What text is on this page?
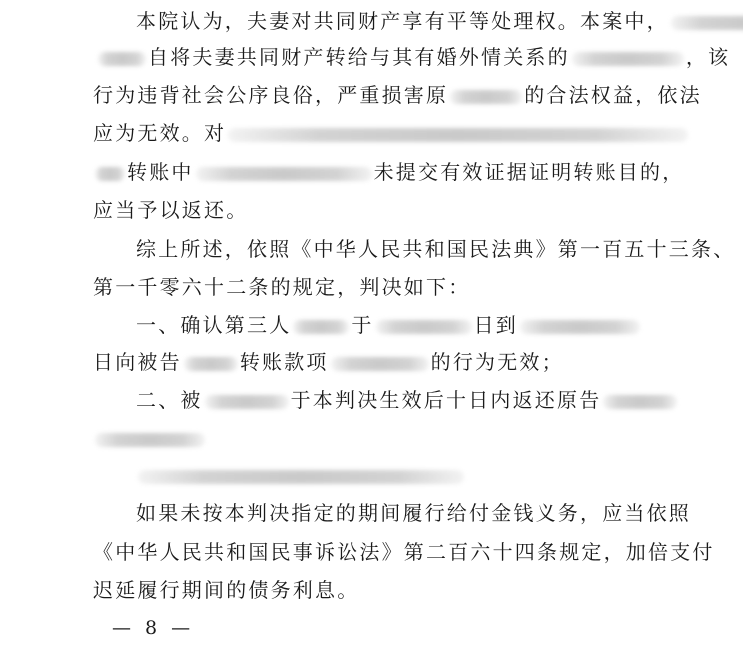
本院认为，夫妻对共同财产享有平等处理权。本案中，
自将夫妻共同财产转给与其有婚外情关系的	，该
行为违背社会公序良俗，严重损害原	的合法权益，依法
应为无效。对
转账中	未提交有效证据证明转账目的，
应当予以返还。
综上所述，依照《中华人民共和国民法典》第一百五十三条、
第一千零六十二条的规定，判决如下：
一、确认第三人	于	日到
日向被告	转账款项	的行为无效；
二、被	于本判决生效后十日内返还原告
如果未按本判决指定的期间履行给付金钱义务，应当依照
《中华人民共和国民事诉讼法》第二百六十四条规定，加倍支付
迟延履行期间的债务利息。
— 8 —
